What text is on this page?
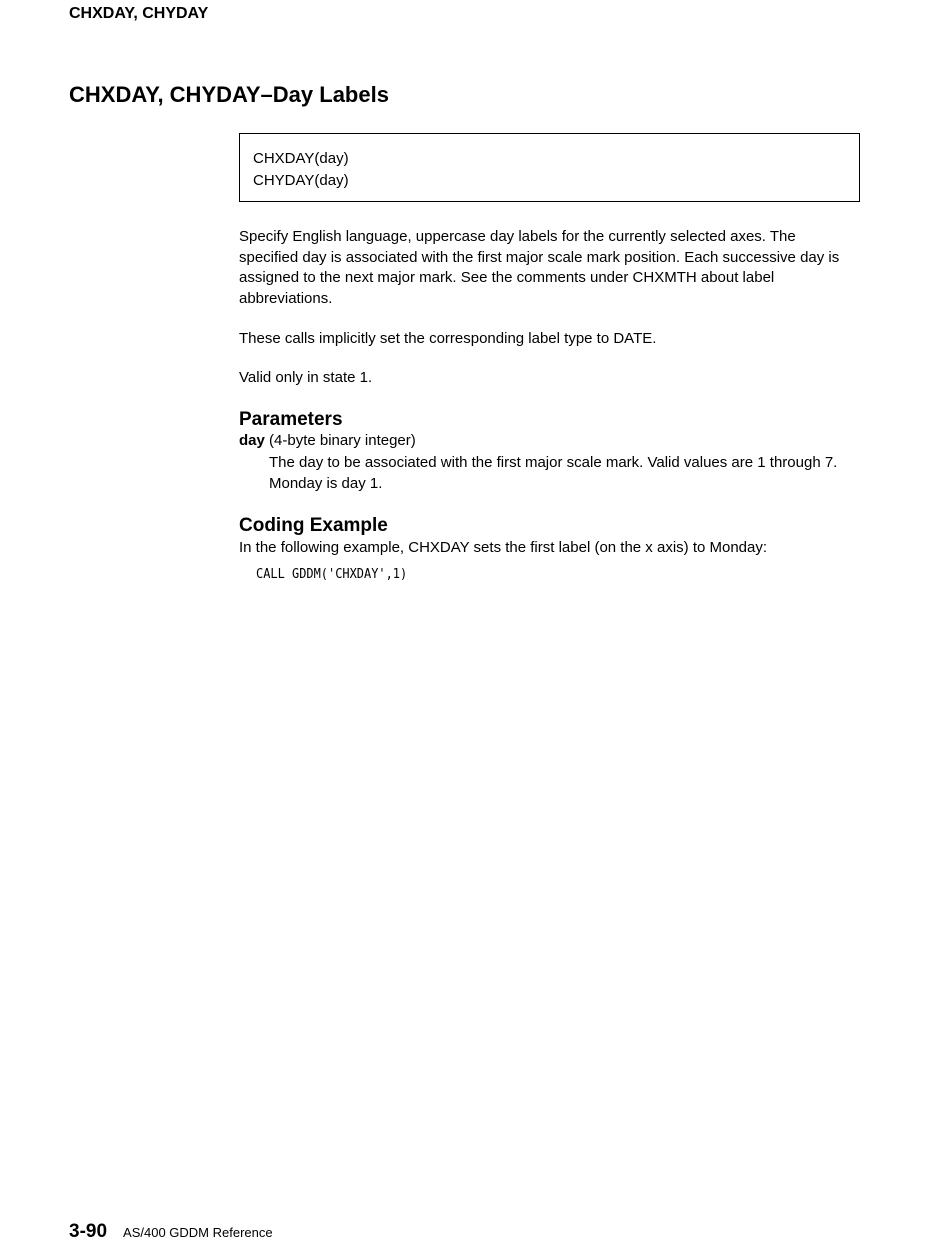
CHXDAY, CHYDAY
CHXDAY, CHYDAY–Day Labels
CHXDAY(day)
CHYDAY(day)

Specify English language, uppercase day labels for the currently selected axes. The specified day is associated with the first major scale mark position. Each successive day is assigned to the next major mark. See the comments under CHXMTH about label abbreviations.

These calls implicitly set the corresponding label type to DATE.

Valid only in state 1.

Parameters
day (4-byte binary integer)

The day to be associated with the first major scale mark. Valid values are 1 through 7. Monday is day 1.

Coding Example

In the following example, CHXDAY sets the first label (on the x axis) to Monday:

CALL GDDM('CHXDAY',1)
3-90 AS/400 GDDM Reference
